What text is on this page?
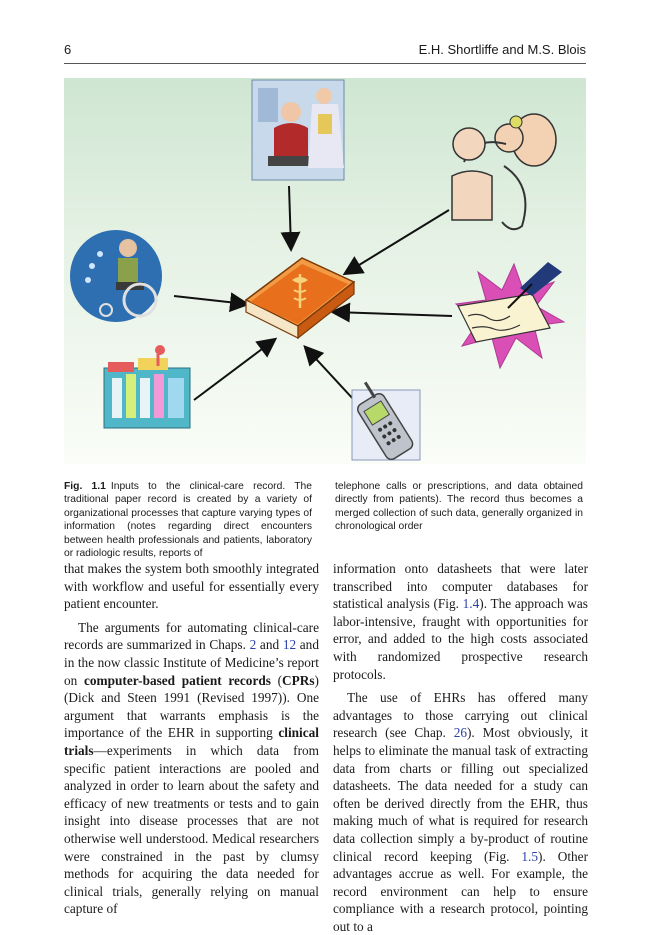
6	E.H. Shortliffe and M.S. Blois
Fig. 1.1 Inputs to the clinical-care record. The traditional paper record is created by a variety of organizational processes that capture varying types of information (notes regarding direct encounters between health professionals and patients, laboratory or radiologic results, reports of
telephone calls or prescriptions, and data obtained directly from patients). The record thus becomes a merged collection of such data, generally organized in chronological order

that makes the system both smoothly integrated with workflow and useful for essentially every patient encounter.

The arguments for automating clinical-care records are summarized in Chaps. 2 and 12 and in the now classic Institute of Medicine’s report on computer-based patient records (CPRs) (Dick and Steen 1991 (Revised 1997)). One argument that warrants emphasis is the importance of the EHR in supporting clinical trials—experiments in which data from specific patient interactions are pooled and analyzed in order to learn about the safety and efficacy of new treatments or tests and to gain insight into disease processes that are not otherwise well understood. Medical researchers were constrained in the past by clumsy methods for acquiring the data needed for clinical trials, generally relying on manual capture of

information onto datasheets that were later transcribed into computer databases for statistical analysis (Fig. 1.4). The approach was labor-intensive, fraught with opportunities for error, and added to the high costs associated with randomized prospective research protocols.

The use of EHRs has offered many advantages to those carrying out clinical research (see Chap. 26). Most obviously, it helps to eliminate the manual task of extracting data from charts or filling out specialized datasheets. The data needed for a study can often be derived directly from the EHR, thus making much of what is required for research data collection simply a by-product of routine clinical record keeping (Fig. 1.5). Other advantages accrue as well. For example, the record environment can help to ensure compliance with a research protocol, pointing out to a
